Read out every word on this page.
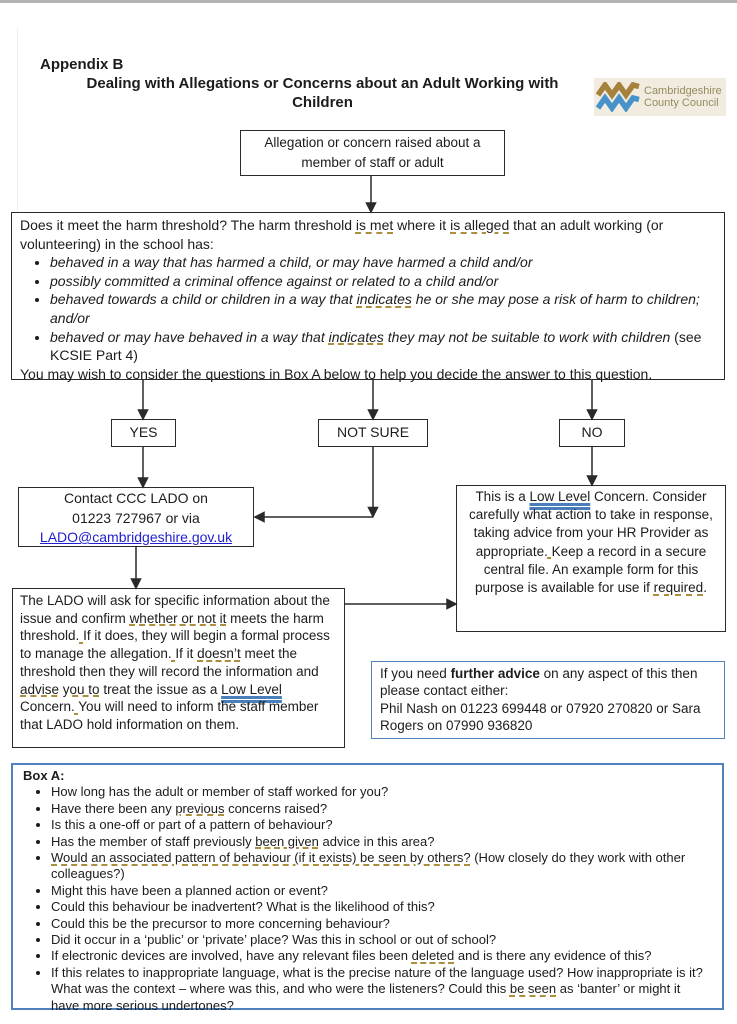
Appendix B
Dealing with Allegations or Concerns about an Adult Working with Children
Cambridgeshire
County Council
Allegation or concern raised about a member of staff or adult
Does it meet the harm threshold? The harm threshold is met where it is alleged that an adult working (or volunteering) in the school has:
• behaved in a way that has harmed a child, or may have harmed a child and/or
• possibly committed a criminal offence against or related to a child and/or
• behaved towards a child or children in a way that indicates he or she may pose a risk of harm to children; and/or
• behaved or may have behaved in a way that indicates they may not be suitable to work with children (see KCSIE Part 4)
You may wish to consider the questions in Box A below to help you decide the answer to this question.
YES	NOT SURE	NO
Contact CCC LADO on
01223 727967 or via
LADO@cambridgeshire.gov.uk
This is a Low Level Concern. Consider carefully what action to take in response, taking advice from your HR Provider as appropriate. Keep a record in a secure central file. An example form for this purpose is available for use if required.
The LADO will ask for specific information about the issue and confirm whether or not it meets the harm threshold. If it does, they will begin a formal process to manage the allegation. If it doesn’t meet the threshold then they will record the information and advise you to treat the issue as a Low Level Concern. You will need to inform the staff member that LADO hold information on them.

If you need further advice on any aspect of this then please contact either:

Phil Nash on 01223 699448 or 07920 270820 or Sara Rogers on 07990 936820

Box A:
• How long has the adult or member of staff worked for you?
• Have there been any previous concerns raised?
• Is this a one-off or part of a pattern of behaviour?
• Has the member of staff previously been given advice in this area?
• Would an associated pattern of behaviour (if it exists) be seen by others? (How closely do they work with other colleagues?)
• Might this have been a planned action or event?
• Could this behaviour be inadvertent? What is the likelihood of this?
• Could this be the precursor to more concerning behaviour?
• Did it occur in a ‘public’ or ‘private’ place? Was this in school or out of school?
• If electronic devices are involved, have any relevant files been deleted and is there any evidence of this?
• If this relates to inappropriate language, what is the precise nature of the language used? How inappropriate is it? What was the context – where was this, and who were the listeners? Could this be seen as ‘banter’ or might it have more serious undertones?
